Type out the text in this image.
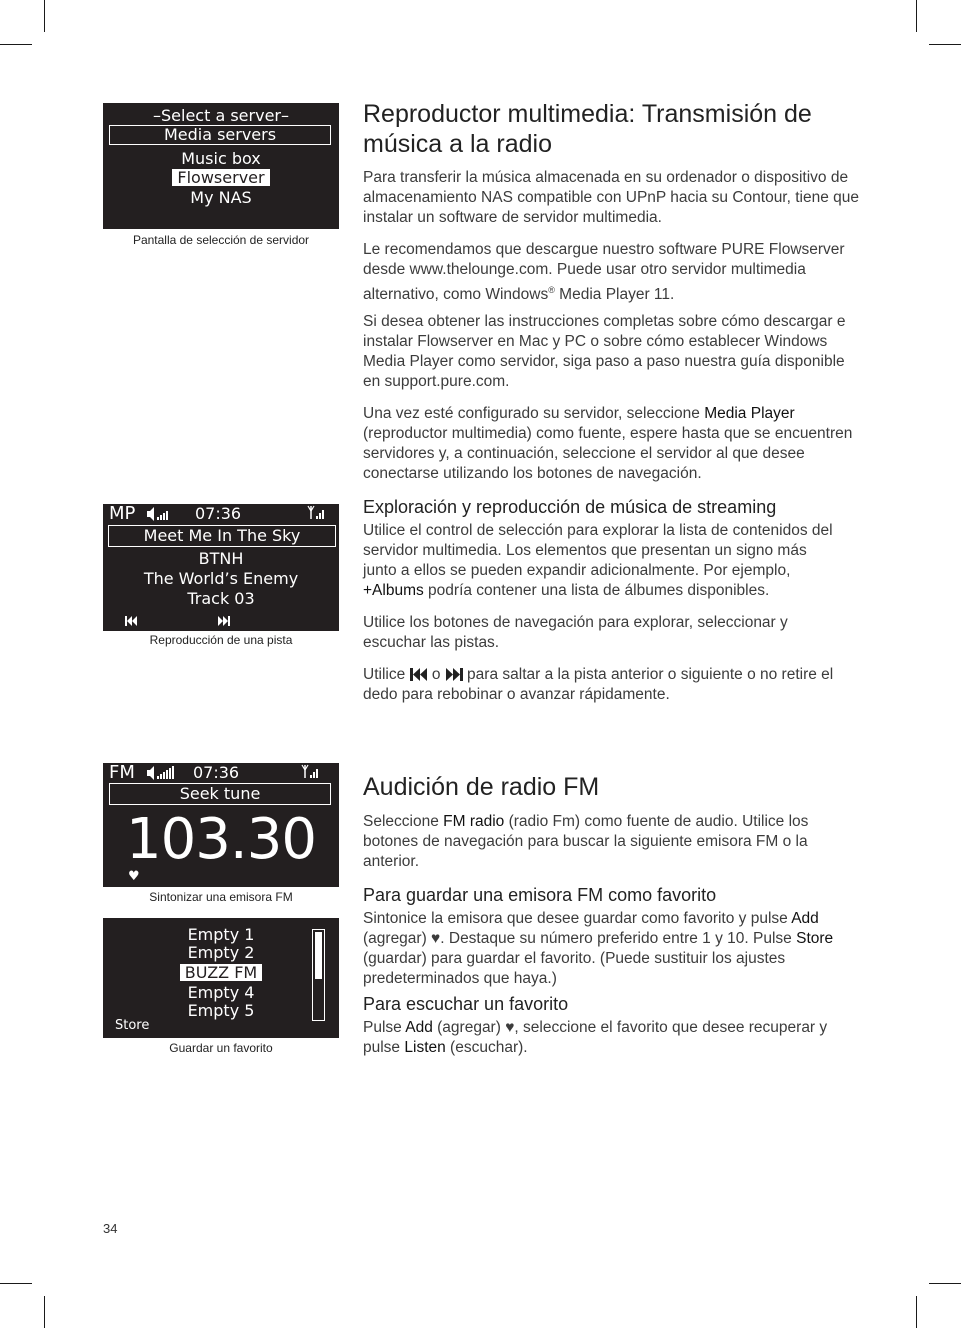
–Select a server–
Media servers
Music box
Flowserver
My NAS
Pantalla de selección de servidor
Reproductor multimedia: Transmisión de música a la radio

Para transferir la música almacenada en su ordenador o dispositivo de almacenamiento NAS compatible con UPnP hacia su Contour, tiene que instalar un software de servidor multimedia.

Le recomendamos que descargue nuestro software PURE Flowserver desde www.thelounge.com. Puede usar otro servidor multimedia alternativo, como Windows® Media Player 11.

Si desea obtener las instrucciones completas sobre cómo descargar e instalar Flowserver en Mac y PC o sobre cómo establecer Windows Media Player como servidor, siga paso a paso nuestra guía disponible en support.pure.com.

Una vez esté configurado su servidor, seleccione Media Player (reproductor multimedia) como fuente, espere hasta que se encuentren servidores y, a continuación, seleccione el servidor al que desee conectarse utilizando los botones de navegación.

MP	07:36
Meet Me In The Sky
BTNH
The World’s Enemy
Track 03
Reproducción de una pista
Exploración y reproducción de música de streaming

Utilice el control de selección para explorar la lista de contenidos del servidor multimedia. Los elementos que presentan un signo más junto a ellos se pueden expandir adicionalmente. Por ejemplo, +Albums podría contener una lista de álbumes disponibles.

Utilice los botones de navegación para explorar, seleccionar y escuchar las pistas.

Utilice  o  para saltar a la pista anterior o siguiente o no retire el dedo para rebobinar o avanzar rápidamente.

FM	07:36
Seek tune
103.30
♥
Sintonizar una emisora FM
Empty 1
Empty 2
BUZZ FM
Empty 4
Empty 5
Store
Guardar un favorito
Audición de radio FM

Seleccione FM radio (radio Fm) como fuente de audio. Utilice los botones de navegación para buscar la siguiente emisora FM o la anterior.

Para guardar una emisora FM como favorito

Sintonice la emisora que desee guardar como favorito y pulse Add (agregar) ♥. Destaque su número preferido entre 1 y 10. Pulse Store (guardar) para guardar el favorito. (Puede sustituir los ajustes predeterminados que haya.)

Para escuchar un favorito

Pulse Add (agregar) ♥, seleccione el favorito que desee recuperar y pulse Listen (escuchar).

34
